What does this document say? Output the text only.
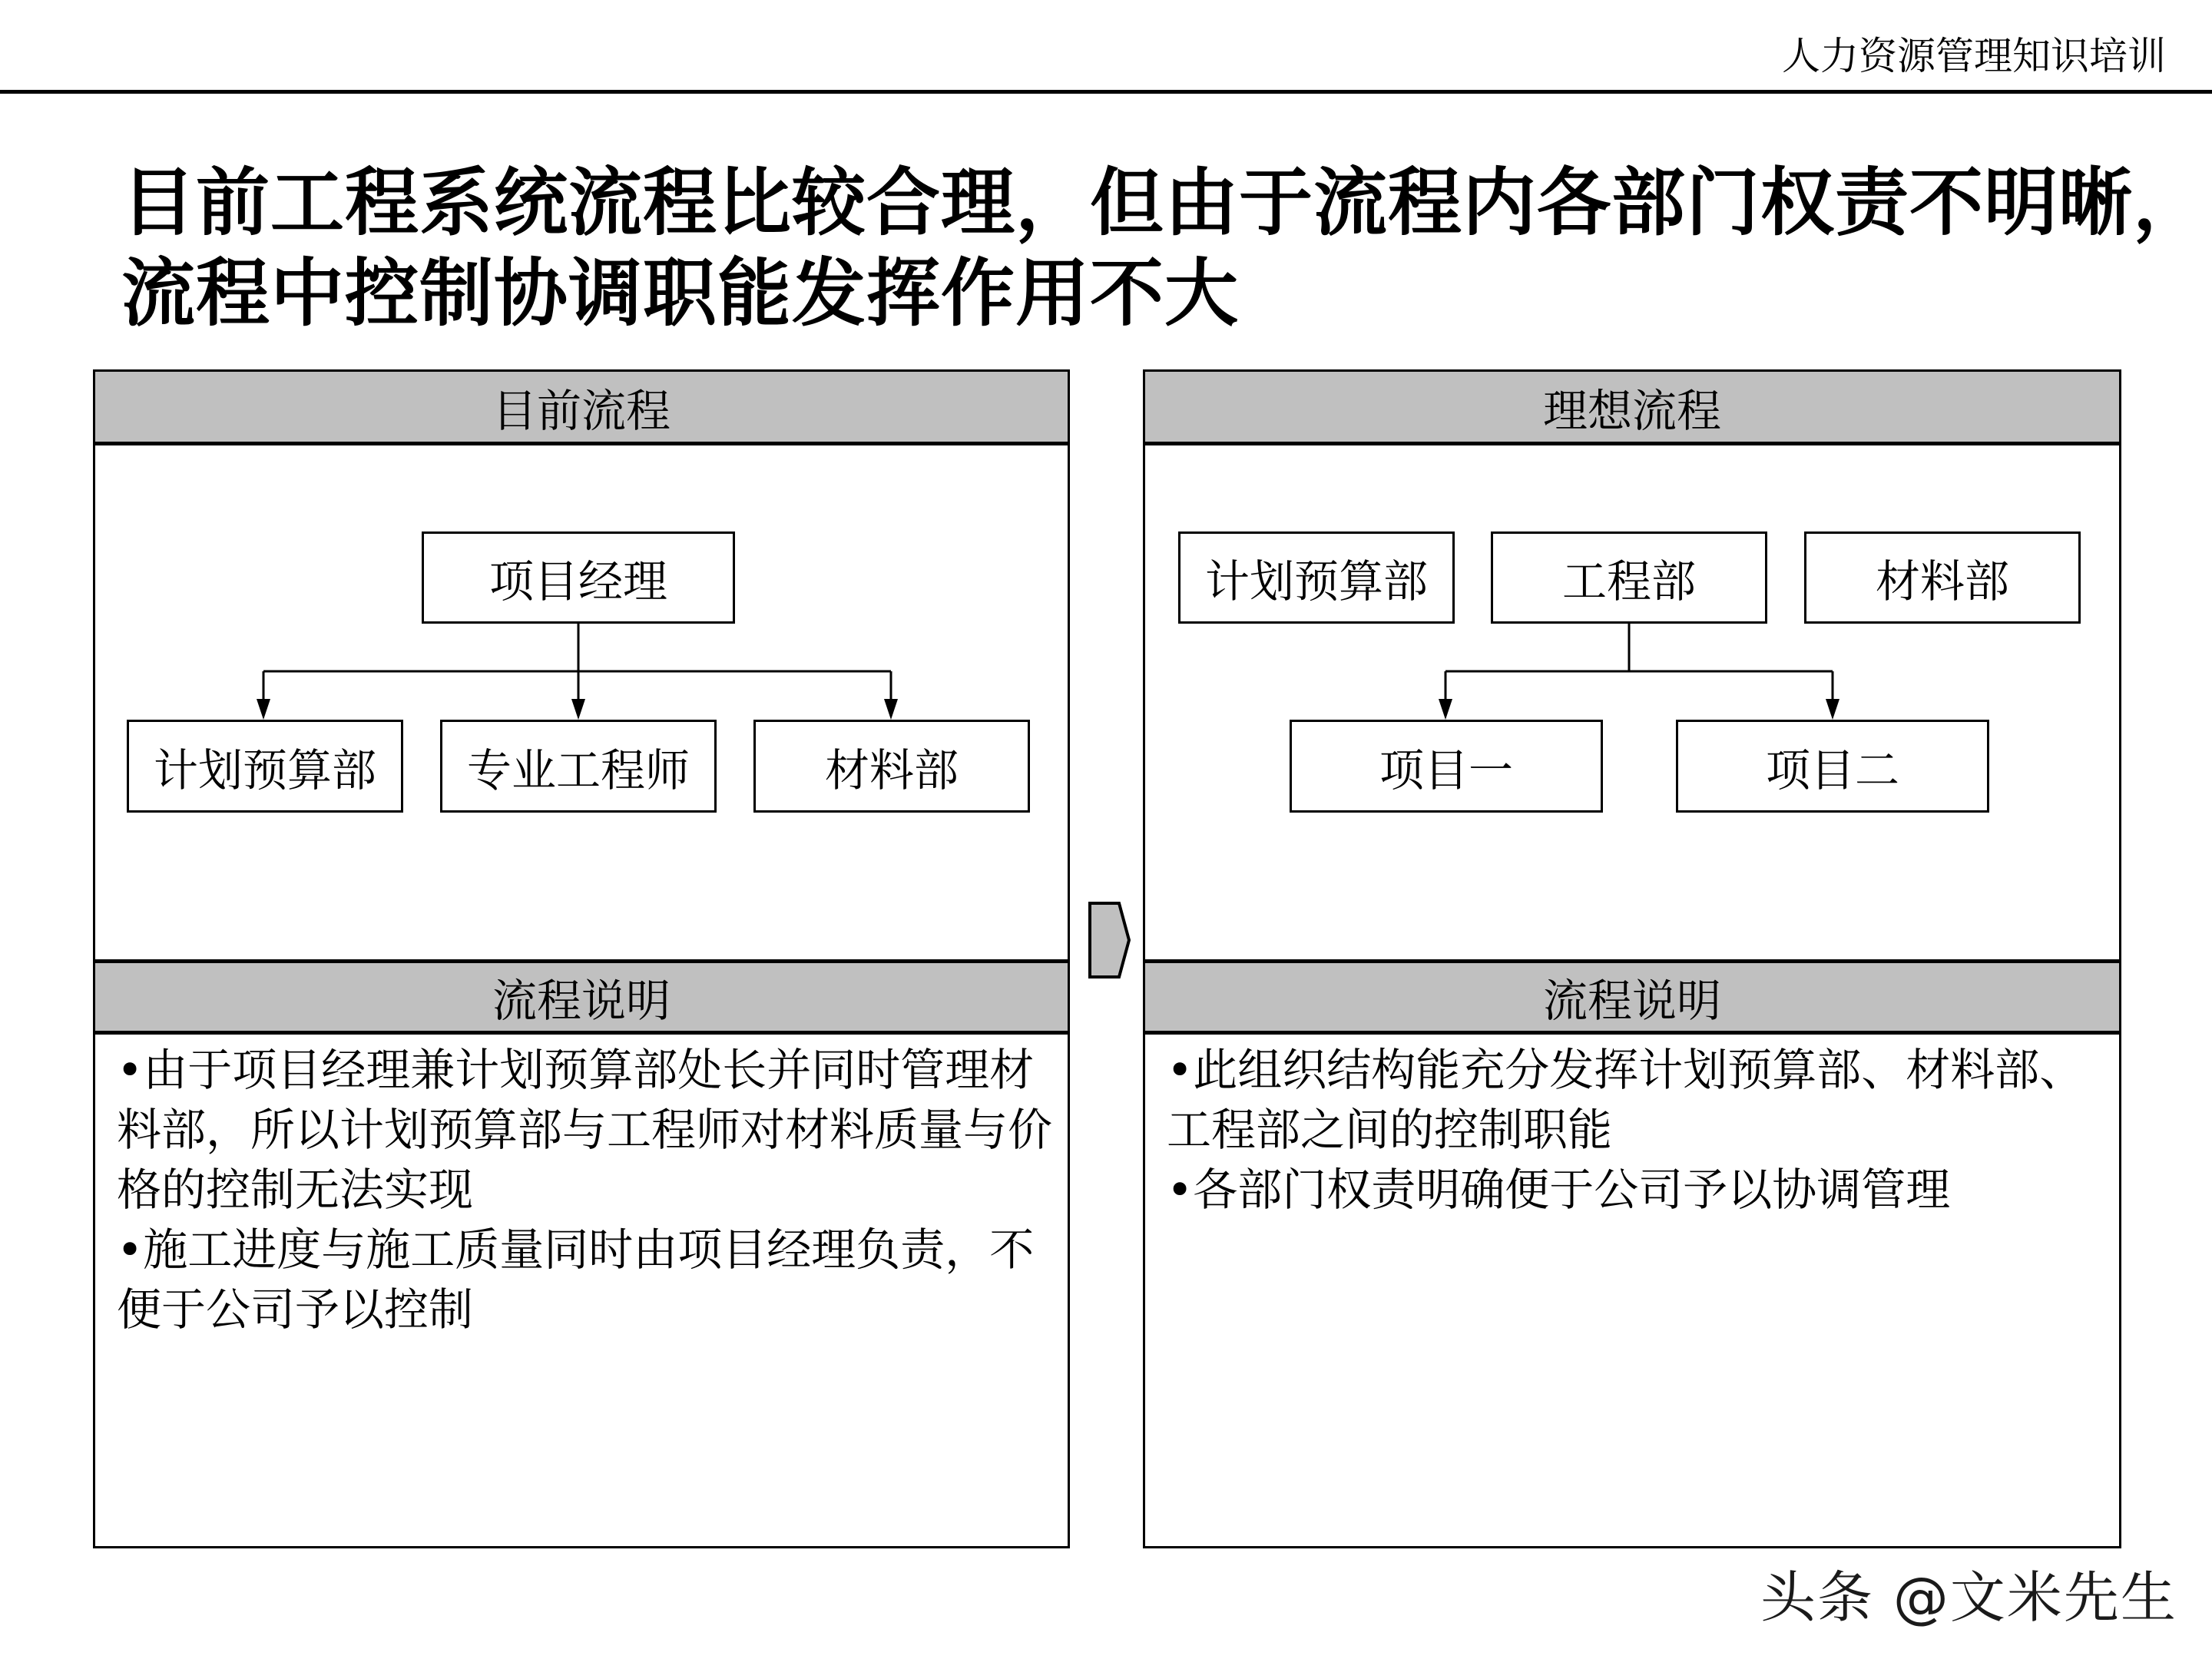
人力资源管理知识培训
目前工程系统流程比较合理，但由于流程内各部门权责不明晰，
流程中控制协调职能发挥作用不大
目前流程
流程说明

•由于项目经理兼计划预算部处长并同时管理材料部，所以计划预算部与工程师对材料质量与价格的控制无法实现

•施工进度与施工质量同时由项目经理负责，不便于公司予以控制

项目经理
计划预算部 专业工程师	材料部
理想流程
流程说明

•此组织结构能充分发挥计划预算部、材料部、工程部之间的控制职能

•各部门权责明确便于公司予以协调管理

计划预算部	工程部	材料部
项目一	项目二
头条 @文米先生
